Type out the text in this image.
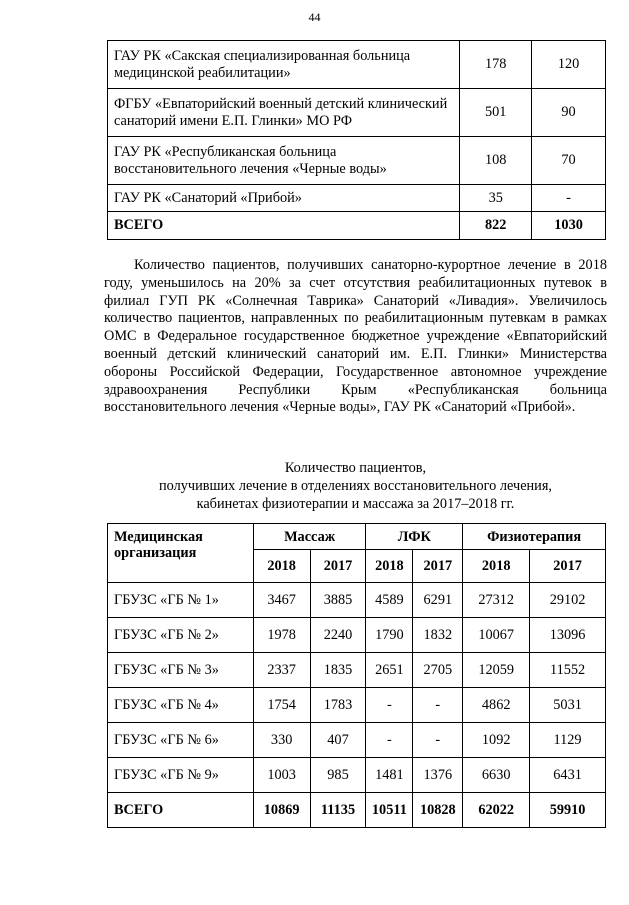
44
ГАУ РК «Сакская специализированная больница медицинской реабилитации»	178	120
ФГБУ «Евпаторийский военный детский клинический санаторий имени Е.П. Глинки» МО РФ	501	90
ГАУ РК «Республиканская больница восстановительного лечения «Черные воды»	108	70
ГАУ РК «Санаторий «Прибой»	35	-
ВСЕГО	822	1030

Количество пациентов, получивших санаторно-курортное лечение в 2018 году, уменьшилось на 20% за счет отсутствия реабилитационных путевок в филиал ГУП РК «Солнечная Таврика» Санаторий «Ливадия». Увеличилось количество пациентов, направленных по реабилитационным путевкам в рамках ОМС в Федеральное государственное бюджетное учреждение «Евпаторийский военный детский клинический санаторий им. Е.П. Глинки» Министерства обороны Российской Федерации, Государственное автономное учреждение здравоохранения Республики Крым «Республиканская больница восстановительного лечения «Черные воды», ГАУ РК «Санаторий «Прибой».

Количество пациентов,
получивших лечение в отделениях восстановительного лечения,
кабинетах физиотерапии и массажа за 2017–2018 гг.
Медицинская организация	Массаж		ЛФК		Физиотерапия	
	2018	2017	2018	2017	2018	2017
ГБУЗС «ГБ № 1»	3467	3885	4589	6291	27312	29102
ГБУЗС «ГБ № 2»	1978	2240	1790	1832	10067	13096
ГБУЗС «ГБ № 3»	2337	1835	2651	2705	12059	11552
ГБУЗС «ГБ № 4»	1754	1783	-	-	4862	5031
ГБУЗС «ГБ № 6»	330	407	-	-	1092	1129
ГБУЗС «ГБ № 9»	1003	985	1481	1376	6630	6431
ВСЕГО	10869	11135	10511	10828	62022	59910
